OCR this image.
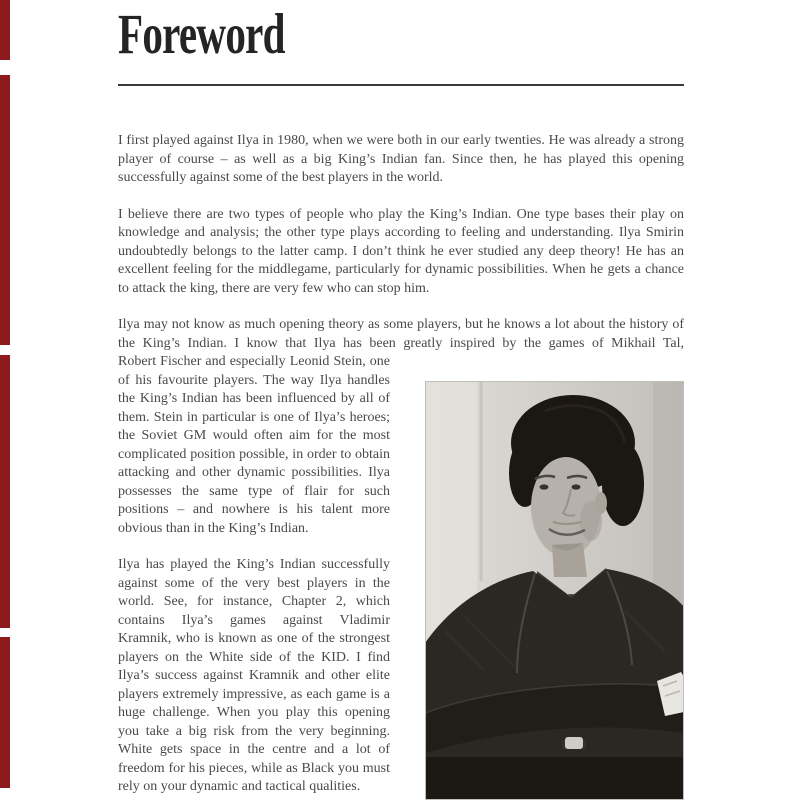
Foreword

I first played against Ilya in 1980, when we were both in our early twenties. He was already a strong player of course – as well as a big King’s Indian fan. Since then, he has played this opening successfully against some of the best players in the world.

I believe there are two types of people who play the King’s Indian. One type bases their play on knowledge and analysis; the other type plays according to feeling and understanding. Ilya Smirin undoubtedly belongs to the latter camp. I don’t think he ever studied any deep theory! He has an excellent feeling for the middlegame, particularly for dynamic possibilities. When he gets a chance to attack the king, there are very few who can stop him.

Ilya may not know as much opening theory as some players, but he knows a lot about the history of the King’s Indian. I know that Ilya has been greatly inspired by the games of Mikhail Tal,

Robert Fischer and especially Leonid Stein, one of his favourite players. The way Ilya handles the King’s Indian has been influenced by all of them. Stein in particular is one of Ilya’s heroes; the Soviet GM would often aim for the most complicated position possible, in order to obtain attacking and other dynamic possibilities. Ilya possesses the same type of flair for such positions – and nowhere is his talent more obvious than in the King’s Indian.

Ilya has played the King’s Indian successfully against some of the very best players in the world. See, for instance, Chapter 2, which contains Ilya’s games against Vladimir Kramnik, who is known as one of the strongest players on the White side of the KID. I find Ilya’s success against Kramnik and other elite players extremely impressive, as each game is a huge challenge. When you play this opening you take a big risk from the very beginning. White gets space in the centre and a lot of freedom for his pieces, while as Black you must rely on your dynamic and tactical qualities.
